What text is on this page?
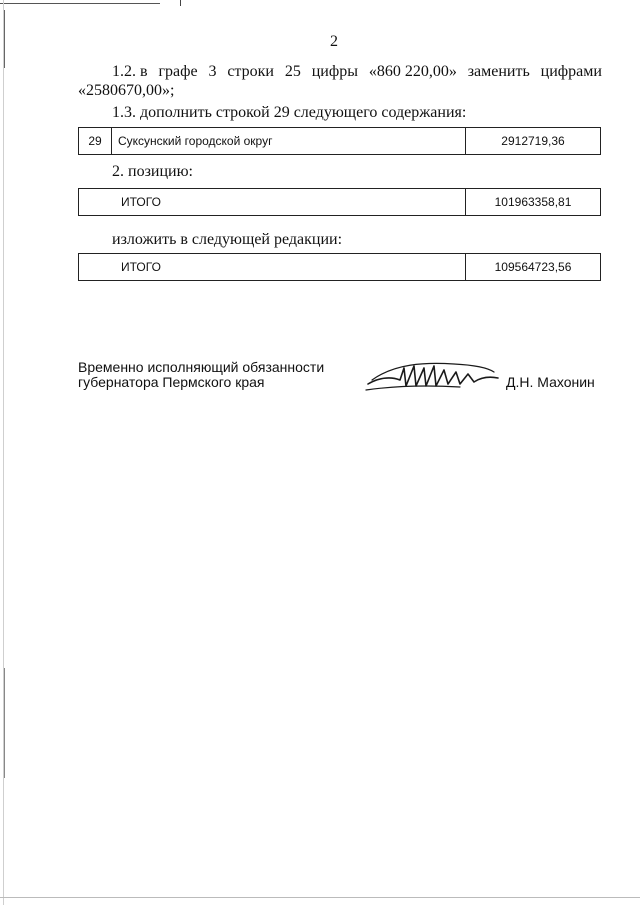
2
1.2. в графе 3 строки 25 цифры «860 220,00» заменить цифрами
«2580670,00»;
1.3. дополнить строкой 29 следующего содержания:
29	Суксунский городской округ	2912719,36
2. позицию:
ИТОГО	101963358,81
изложить в следующей редакции:
ИТОГО	109564723,56
Временно исполняющий обязанности
губернатора Пермского края	Д.Н. Махонин
